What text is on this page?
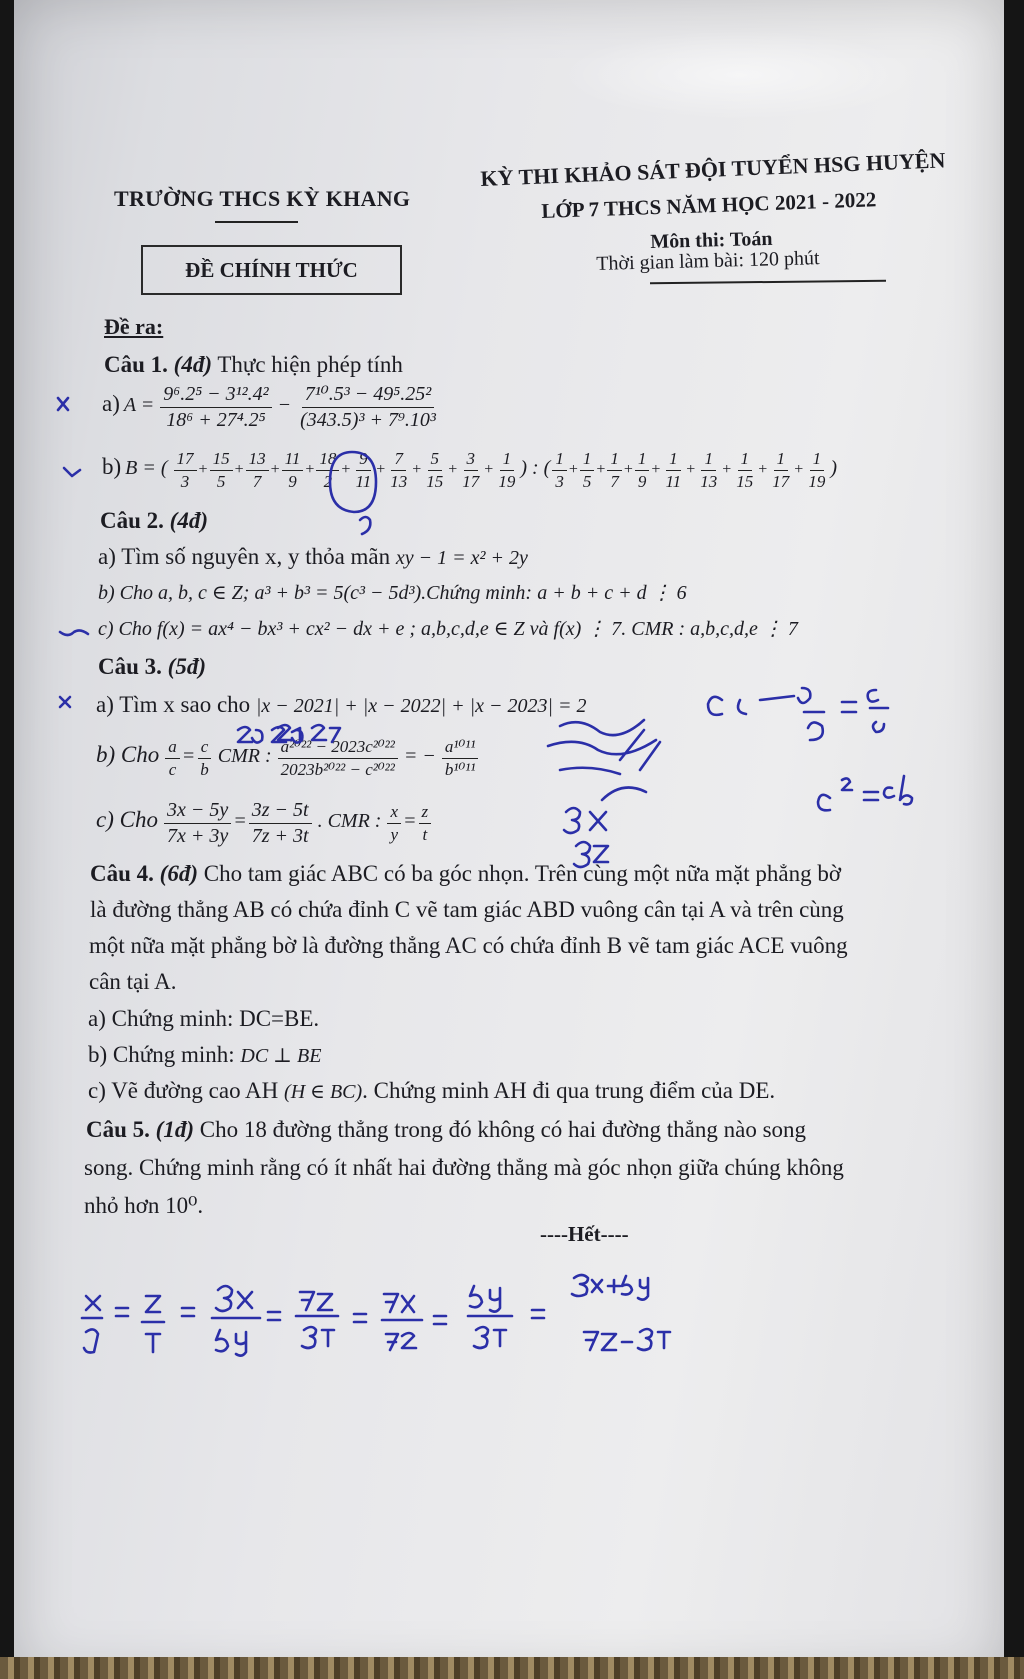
TRƯỜNG THCS KỲ KHANG
KỲ THI KHẢO SÁT ĐỘI TUYỂN HSG HUYỆN
LỚP 7 THCS NĂM HỌC 2021 - 2022
Môn thi: Toán
Thời gian làm bài: 120 phút
ĐỀ CHÍNH THỨC
Đề ra:
Câu 1. (4đ) Thực hiện phép tính
a) $A = \frac{\text{9⁶.2⁵ − 3¹².4²}}{\text{18⁶ + 27⁴.2⁵}} - \frac{\text{7¹⁰.5³ − 49⁵.25²}}{\text{(343.5)³ + 7⁹.10³}}$
b) B = ( $\frac{17}{3} + \frac{15}{5} + \frac{13}{7} + \frac{11}{9} + \frac{18}{2} + \frac{9}{11} + \frac{7}{13} + \frac{5}{15} + \frac{3}{17} + \frac{1}{19}$ ) : ( $\frac{1}{3} + \frac{1}{5} + \frac{1}{7} + \frac{1}{9} + \frac{1}{11} + \frac{1}{13} + \frac{1}{15} + \frac{1}{17} + \frac{1}{19}$ )
Câu 2. (4đ)
a) Tìm số nguyên x, y thỏa mãn xy − 1 = x² + 2y
b) Cho a, b, c ∈ Z; a³ + b³ = 5(c³ − 5d³).Chứng minh: a + b + c + d ⋮ 6
c) Cho f(x) = ax⁴ − bx³ + cx² − dx + e ; a,b,c,d,e ∈ Z và f(x) ⋮ 7. CMR : a,b,c,d,e ⋮ 7
Câu 3. (5đ)
a) Tìm x sao cho |x − 2021| + |x − 2022| + |x − 2023| = 2
b) Cho $\frac{a}{c} = \frac{c}{b}$ CMR : $\frac{\text{a²⁰²² − 2023c²⁰²²}}{\text{2023b²⁰²² − c²⁰²²}}$ = − $\frac{\text{a¹⁰¹¹}}{\text{b¹⁰¹¹}}$
c) Cho $\frac{3x - 5y}{7x + 3y} = \frac{3z - 5t}{7z + 3t}$ . CMR : $\frac{x}{y} = \frac{z}{t}$
Câu 4. (6đ) Cho tam giác ABC có ba góc nhọn. Trên cùng một nữa mặt phẳng bờ
là đường thẳng AB có chứa đỉnh C vẽ tam giác ABD vuông cân tại A và trên cùng
một nữa mặt phẳng bờ là đường thẳng AC có chứa đỉnh B vẽ tam giác ACE vuông
cân tại A.
a) Chứng minh: DC=BE.
b) Chứng minh: DC ⊥ BE
c) Vẽ đường cao AH (H ∈ BC). Chứng minh AH đi qua trung điểm của DE.
Câu 5. (1đ) Cho 18 đường thẳng trong đó không có hai đường thẳng nào song
song. Chứng minh rằng có ít nhất hai đường thẳng mà góc nhọn giữa chúng không
nhỏ hơn 10⁰.
----Hết----
